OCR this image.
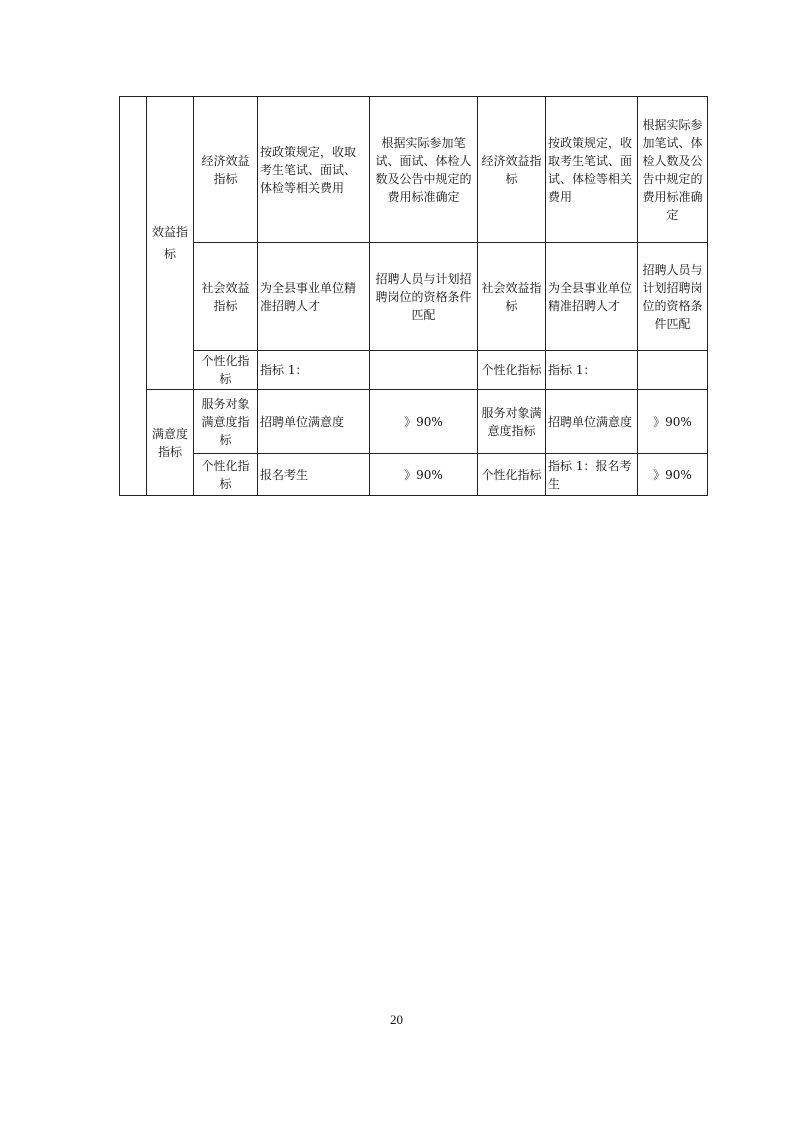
	效益指标	经济效益指标	按政策规定，收取考生笔试、面试、体检等相关费用	根据实际参加笔试、面试、体检人数及公告中规定的费用标准确定	经济效益指标	按政策规定，收取考生笔试、面试、体检等相关费用	根据实际参加笔试、体检人数及公告中规定的费用标准确定
		社会效益指标	为全县事业单位精准招聘人才	招聘人员与计划招聘岗位的资格条件匹配	社会效益指标	为全县事业单位精准招聘人才	招聘人员与计划招聘岗位的资格条件匹配
		个性化指标	指标 1：		个性化指标	指标 1：	
	满意度指标	服务对象满意度指标	招聘单位满意度	》90%	服务对象满意度指标	招聘单位满意度	》90%
		个性化指标	报名考生	》90%	个性化指标	指标 1：报名考生	》90%
20
